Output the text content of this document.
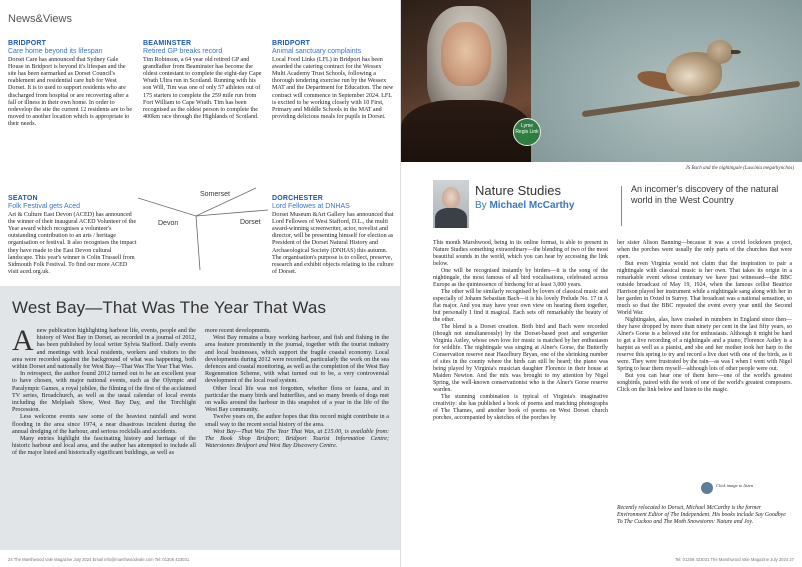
News&Views
BRIDPORT
Care home beyond its lifespan
Dorset Care has announced that Sydney Gale House in Bridport is beyond it's lifespan and the site has been earmarked as Dorset Council's reablement and residential care hub for West Dorset. It is to used to support residents who are discharged from hospital or are recovering after a fall or illness in their own home. In order to redevelop the site the current 12 residents are to be moved to another location which is appropriate to their needs.
BEAMINSTER
Retired GP breaks record
Tim Robinson, a 64 year old retired GP and grandfather from Beaminster has become the oldest contestant to complete the eight-day Cape Wrath Ultra run in Scotland. Running with his son Will, Tim was one of only 57 athletes out of 175 starters to complete the 259 mile run from Fort William to Cape Wrath. Tim has been recognised as the oldest person to complete the 400km race through the Highlands of Scotland.
BRIDPORT
Animal sanctuary complaints
Local Food Links (LFL) in Bridport has been awarded the catering contract for the Wessex Multi Academy Trust Schools, following a thorough tendering exercise run by the Wessex MAT and the Department for Education. The new contract will commence in September 2024. LFL is excited to be working closely with 10 First, Primary and Middle Schools in the MAT and providing delicious meals for pupils in Dorset.
Somerset
Devon	Dorset
SEATON
Folk Festival gets Aced
Art & Culture East Devon (ACED) has announced the winner of their inaugural ACED Volunteer of the Year award which recognises a volunteer's outstanding contribution to an arts / heritage organisation or festival. It also recognises the impact they have made to the East Devon cultural landscape. This year's winner is Colin Trussell from Sidmouth Folk Festival. To find our more ACED visit aced.org.uk.
DORCHESTER
Lord Fellowes at DNHAS
Dorset Museum &Art Gallery has announced that Lord Fellowes of West Stafford, D.L., the multi award-winning screenwriter, actor, novelist and director, will be presenting himself for election as President of the Dorset Natural History and Archaeological Society (DNHAS) this autumn. The organisation's purpose is to collect, preserve, research and exhibit objects relating to the culture of Dorset.
West Bay—That Was The Year That Was

Anew publication highlighting harbour life, events, people and the history of West Bay in Dorset, as recorded in a journal of 2012, has been published by local writer Sylvia Stafford. Daily events and meetings with local residents, workers and visitors to the area were recorded against the background of what was happening, both within Dorset and nationally for West Bay—That Was The Year That Was.

In retrospect, the author found 2012 turned out to be an excellent year to have chosen, with major national events, such as the Olympic and Paralympic Games, a royal jubilee, the filming of the first of the acclaimed TV series, Broadchurch, as well as the usual calendar of local events including the Melplash Show, West Bay Day, and the Torchlight Procession.

Less welcome events saw some of the heaviest rainfall and worst flooding in the area since 1974, a near disastrous incident during the annual dredging of the harbour, and serious rockfalls and accidents.

Many entries highlight the fascinating history and heritage of the historic harbour and local area, and the author has attempted to include all of the major listed and historically significant buildings, as well as

more recent developments.

West Bay remains a busy working harbour, and fish and fishing in the area feature prominently in the journal, together with the tourist industry and local businesses, which support the fragile coastal economy. Local developments during 2012 were recorded, particularly the work on the sea defences and coastal monitoring, as well as the completion of the West Bay Regeneration Scheme, with what turned out to be, a very controversial development of the local road system.

Other local life was not forgotten, whether flora or fauna, and in particular the many birds and butterflies, and so many breeds of dogs met on walks around the harbour in this snapshot of a year in the life of the West Bay community.

Twelve years on, the author hopes that this record might contribute in a small way to the recent social history of the area.

West Bay—That Was The Year That Was, at £15.00, is available from: The Book Shop Bridport; Bridport Tourist Information Centre; Waterstones Bridport and West Bay Discovery Centre.

24 The Marshwood Vale Magazine July 2024 Email info@marshwoodvale.com Tel: 01308 423031
Lyme Regis Link
JS Bach and the nightingale (Luscinia megarhynchos)
Nature Studies
By Michael McCarthy
An incomer's discovery of the natural world in the West Country

This month Marshwood, being in its online format, is able to present in Nature Studies something extraordinary—the blending of two of the most beautiful sounds in the world, which you can hear by accessing the link below.

One will be recognised instantly by birders—it is the song of the nightingale, the most famous of all bird vocalisations, celebrated across Europe as the quintessence of birdsong for at least 3,000 years.

The other will be similarly recognised by lovers of classical music and especially of Johann Sebastian Bach—it is his lovely Prelude No. 17 in A flat major. And you may have your own view on hearing them together, but personally I find it magical. Each sets off remarkably the beauty of the other.

The blend is a Dorset creation. Both bird and Bach were recorded (though not simultaneously) by the Dorset-based poet and songwriter Virginia Astley, whose own love for music is matched by her enthusiasm for wildlife. The nightingale was singing at Alner's Gorse, the Butterfly Conservation reserve near Hazelbury Bryan, one of the shrinking number of sites in the county where the birds can still be heard; the piano was being played by Virginia's musician daughter Florence in their house at Maiden Newton. And the mix was brought to my attention by Nigel Spring, the well-known conservationist who is the Alner's Gorse reserve warden.

The stunning combination is typical of Virginia's imaginative creativity: she has published a book of poems and matching photographs of The Thames, and another book of poems on West Dorset church porches, accompanied by sketches of the porches by

her sister Alison Banning—because it was a covid lockdown project, when the porches were usually the only parts of the churches that were open.

But even Virginia would not claim that the inspiration to pair a nightingale with classical music is her own. That takes its origin in a remarkable event whose centenary we have just witnessed—the BBC outside broadcast of May 19, 1924, when the famous cellist Beatrice Harrison played her instrument while a nightingale sang along with her in her garden in Oxted in Surrey. That broadcast was a national sensation, so much so that the BBC repeated the event every year until the Second World War.

Nightingales, alas, have crashed in numbers in England since then—they have dropped by more than ninety per cent in the last fifty years, so Alner's Gorse is a beloved site for enthusiasts. Although it might be hard to get a live recording of a nightingale and a piano, Florence Astley is a harpist as well as a pianist, and she and her mother took her harp to the reserve this spring to try and record a live duet with one of the birds, as it were. They were frustrated by the rain—as was I when I went with Nigel Spring to hear them myself—although lots of other people were out.

But you can hear one of them here—one of the world's greatest songbirds, paired with the work of one of the world's greatest composers. Click on the link below and listen to the magic.

Click image to listen
Recently relocated to Dorset, Michael McCarthy is the former Environment Editor of The Independent. His books include Say Goodbye To The Cuckoo and The Moth Snowstorm: Nature and Joy.
Tel: 01308 423031 The Marshwood Vale Magazine July 2024 27
